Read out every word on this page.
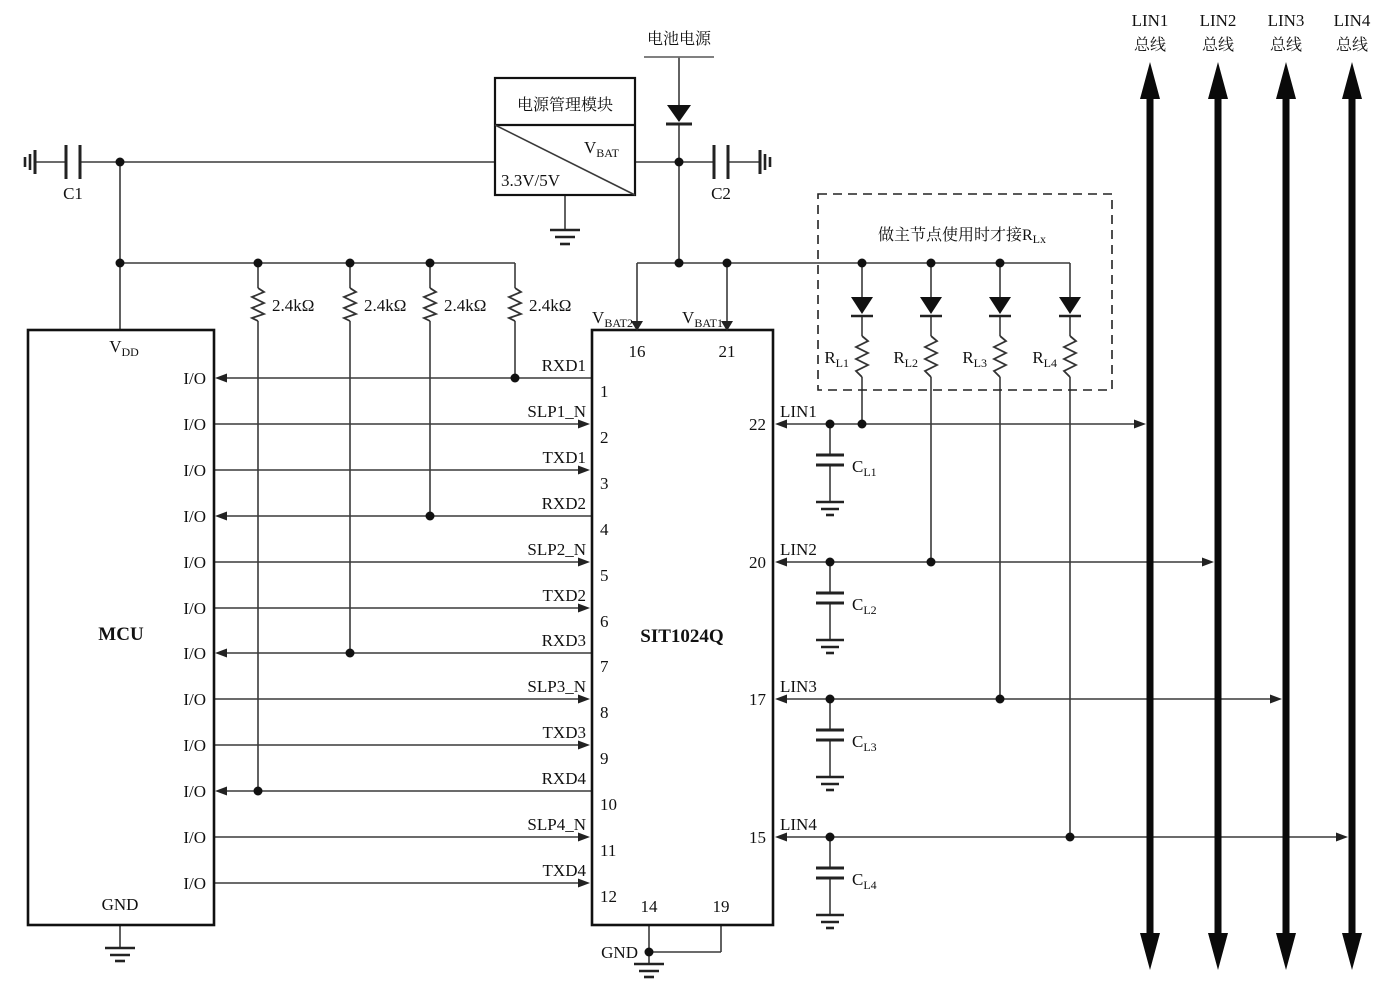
$V_{DD}$
MCU
GND
I/O
I/O
I/O
I/O
I/O
I/O
I/O
I/O
I/O
I/O
I/O
I/O
SIT1024Q
RXD1
1
SLP1_N
2
TXD1
3
RXD2
4
SLP2_N
5
TXD2
6
RXD3
7
SLP3_N
8
TXD3
9
RXD4
10
SLP4_N
11
TXD4
12
$V_{BAT2}$
16
$V_{BAT1}$
21
22
LIN1
20
LIN2
17
LIN3
15
LIN4
14	19
GND
电源管理模块
$V_{BAT}$
3.3V/5V
电池电源
C1	C2
$C_{L1}$
$C_{L2}$
$C_{L3}$
$C_{L4}$
2.4kΩ	2.4kΩ 2.4kΩ	2.4kΩ
做主节点使用时才接RLx
$R_{L1}$	$R_{L2}$	$R_{L3}$	$R_{L4}$
LIN1
总线
LIN2
总线
LIN3
总线
LIN4
总线
